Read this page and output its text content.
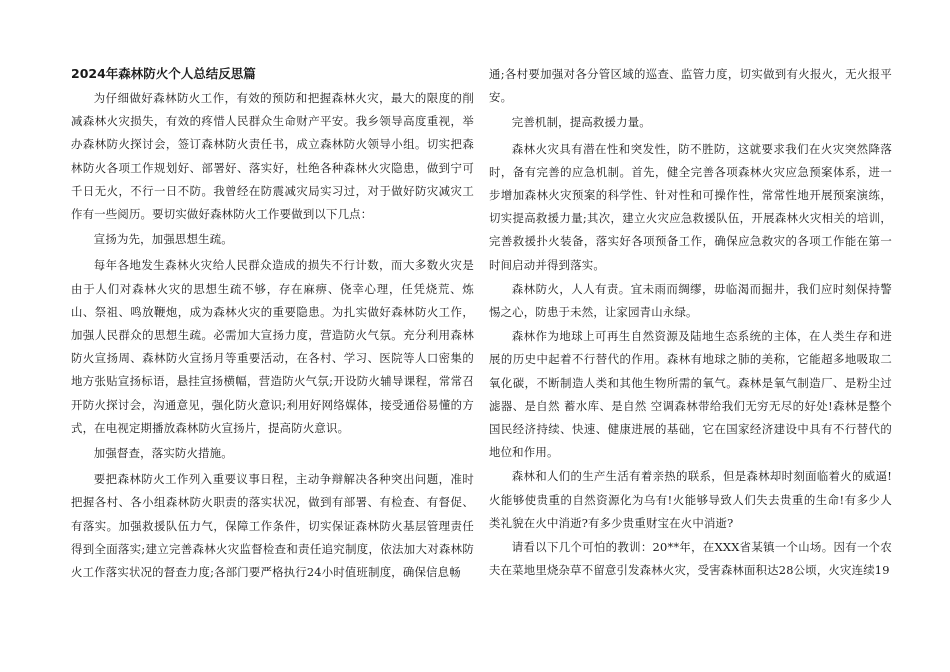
2024年森林防火个人总结反思篇

为仔细做好森林防火工作，有效的预防和把握森林火灾，最大的限度的削减森林火灾损失，有效的疼惜人民群众生命财产平安。我乡领导高度重视，举办森林防火探讨会，签订森林防火责任书，成立森林防火领导小组。切实把森林防火各项工作规划好、部署好、落实好，杜绝各种森林火灾隐患，做到宁可千日无火，不行一日不防。我曾经在防震减灾局实习过，对于做好防灾减灾工作有一些阅历。要切实做好森林防火工作要做到以下几点：

宣扬为先，加强思想生疏。

每年各地发生森林火灾给人民群众造成的损失不行计数，而大多数火灾是由于人们对森林火灾的思想生疏不够，存在麻痹、侥幸心理，任凭烧荒、炼山、祭祖、鸣放鞭炮，成为森林火灾的重要隐患。为扎实做好森林防火工作，加强人民群众的思想生疏。必需加大宣扬力度，营造防火气氛。充分利用森林防火宣扬周、森林防火宣扬月等重要活动，在各村、学习、医院等人口密集的地方张贴宣扬标语，悬挂宣扬横幅，营造防火气氛;开设防火辅导课程，常常召开防火探讨会，沟通意见，强化防火意识;利用好网络媒体，接受通俗易懂的方式，在电视定期播放森林防火宣扬片，提高防火意识。

加强督查，落实防火措施。

要把森林防火工作列入重要议事日程，主动争辩解决各种突出问题，准时把握各村、各小组森林防火职责的落实状况，做到有部署、有检查、有督促、有落实。加强救援队伍力气，保障工作条件，切实保证森林防火基层管理责任得到全面落实;建立完善森林火灾监督检查和责任追究制度，依法加大对森林防火工作落实状况的督查力度;各部门要严格执行24小时值班制度，确保信息畅

通;各村要加强对各分管区域的巡查、监管力度，切实做到有火报火，无火报平安。

完善机制，提高救援力量。

森林火灾具有潜在性和突发性，防不胜防，这就要求我们在火灾突然降落时，备有完善的应急机制。首先，健全完善各项森林火灾应急预案体系，进一步增加森林火灾预案的科学性、针对性和可操作性，常常性地开展预案演练，切实提高救援力量;其次，建立火灾应急救援队伍，开展森林火灾相关的培训，完善救援扑火装备，落实好各项预备工作，确保应急救灾的各项工作能在第一时间启动并得到落实。

森林防火，人人有责。宜未雨而绸缪，毋临渴而掘井，我们应时刻保持警惕之心，防患于未然，让家园青山永绿。

森林作为地球上可再生自然资源及陆地生态系统的主体，在人类生存和进展的历史中起着不行替代的作用。森林有地球之肺的美称，它能超多地吸取二氧化碳，不断制造人类和其他生物所需的氧气。森林是氧气制造厂、是粉尘过滤器、是自然 蓄水库、是自然 空调森林带给我们无穷无尽的好处!森林是整个国民经济持续、快速、健康进展的基础，它在国家经济建设中具有不行替代的地位和作用。

森林和人们的生产生活有着亲热的联系，但是森林却时刻面临着火的威逼!火能够使贵重的自然资源化为乌有!火能够导致人们失去贵重的生命!有多少人类礼貌在火中消逝?有多少贵重财宝在火中消逝?

请看以下几个可怕的教训：20**年，在XXX省某镇一个山场。因有一个农夫在菜地里烧杂草不留意引发森林火灾，受害森林面积达28公顷，火灾连续19
